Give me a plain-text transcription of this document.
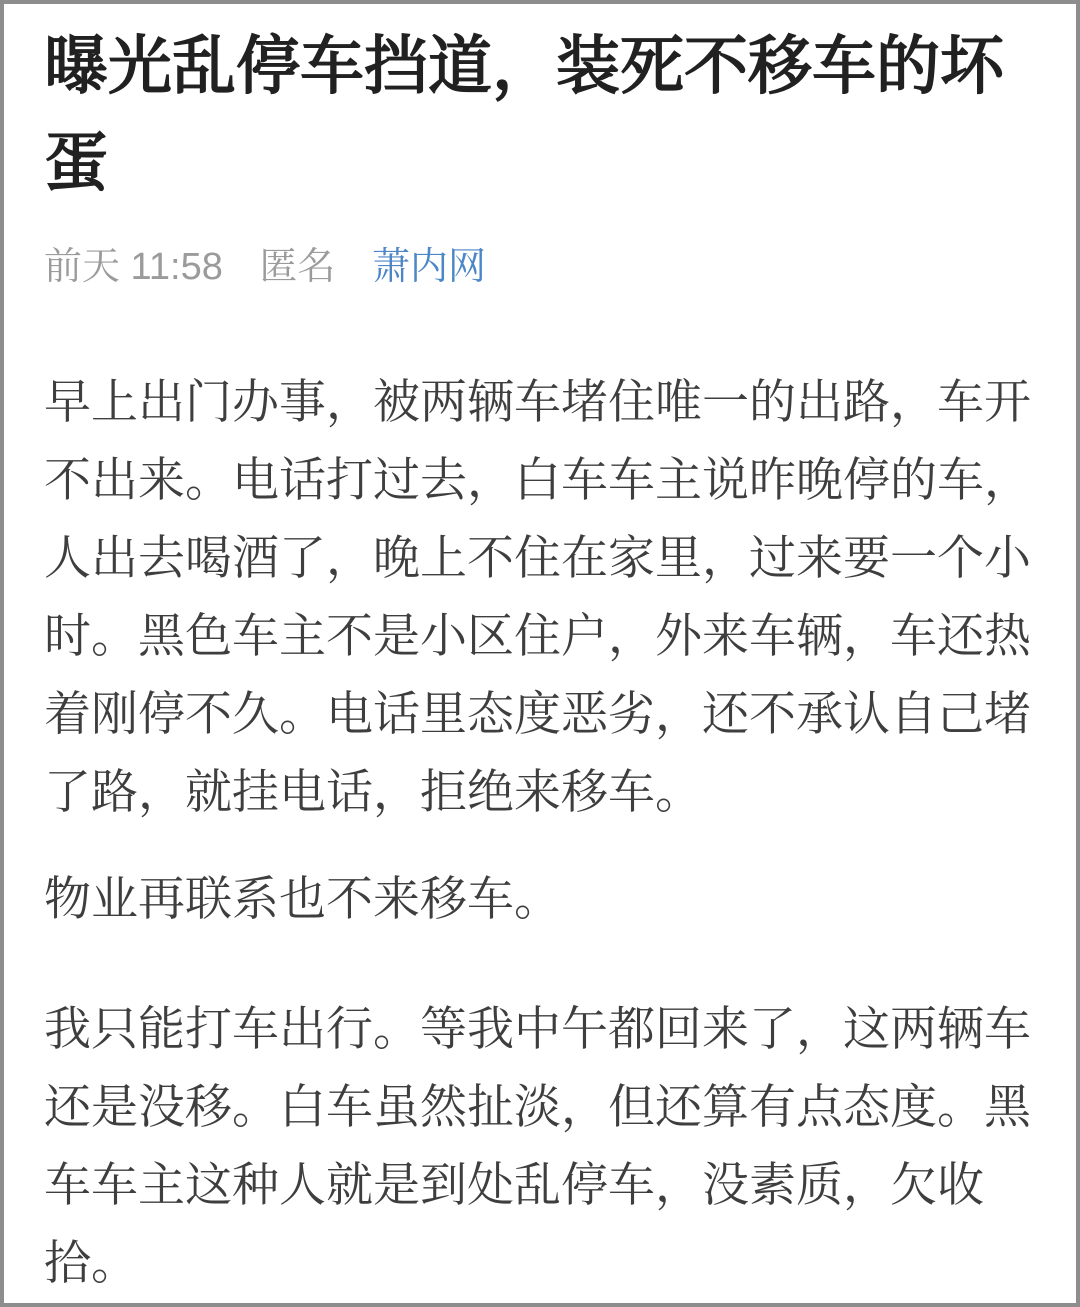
曝光乱停车挡道，装死不移车的坏蛋
前天 11:58 匿名 萧内网

早上出门办事，被两辆车堵住唯一的出路，车开不出来。电话打过去，白车车主说昨晚停的车，人出去喝酒了，晚上不住在家里，过来要一个小时。黑色车主不是小区住户，外来车辆，车还热着刚停不久。电话里态度恶劣，还不承认自己堵了路，就挂电话，拒绝来移车。

物业再联系也不来移车。

我只能打车出行。等我中午都回来了，这两辆车还是没移。白车虽然扯淡，但还算有点态度。黑车车主这种人就是到处乱停车，没素质，欠收拾。
